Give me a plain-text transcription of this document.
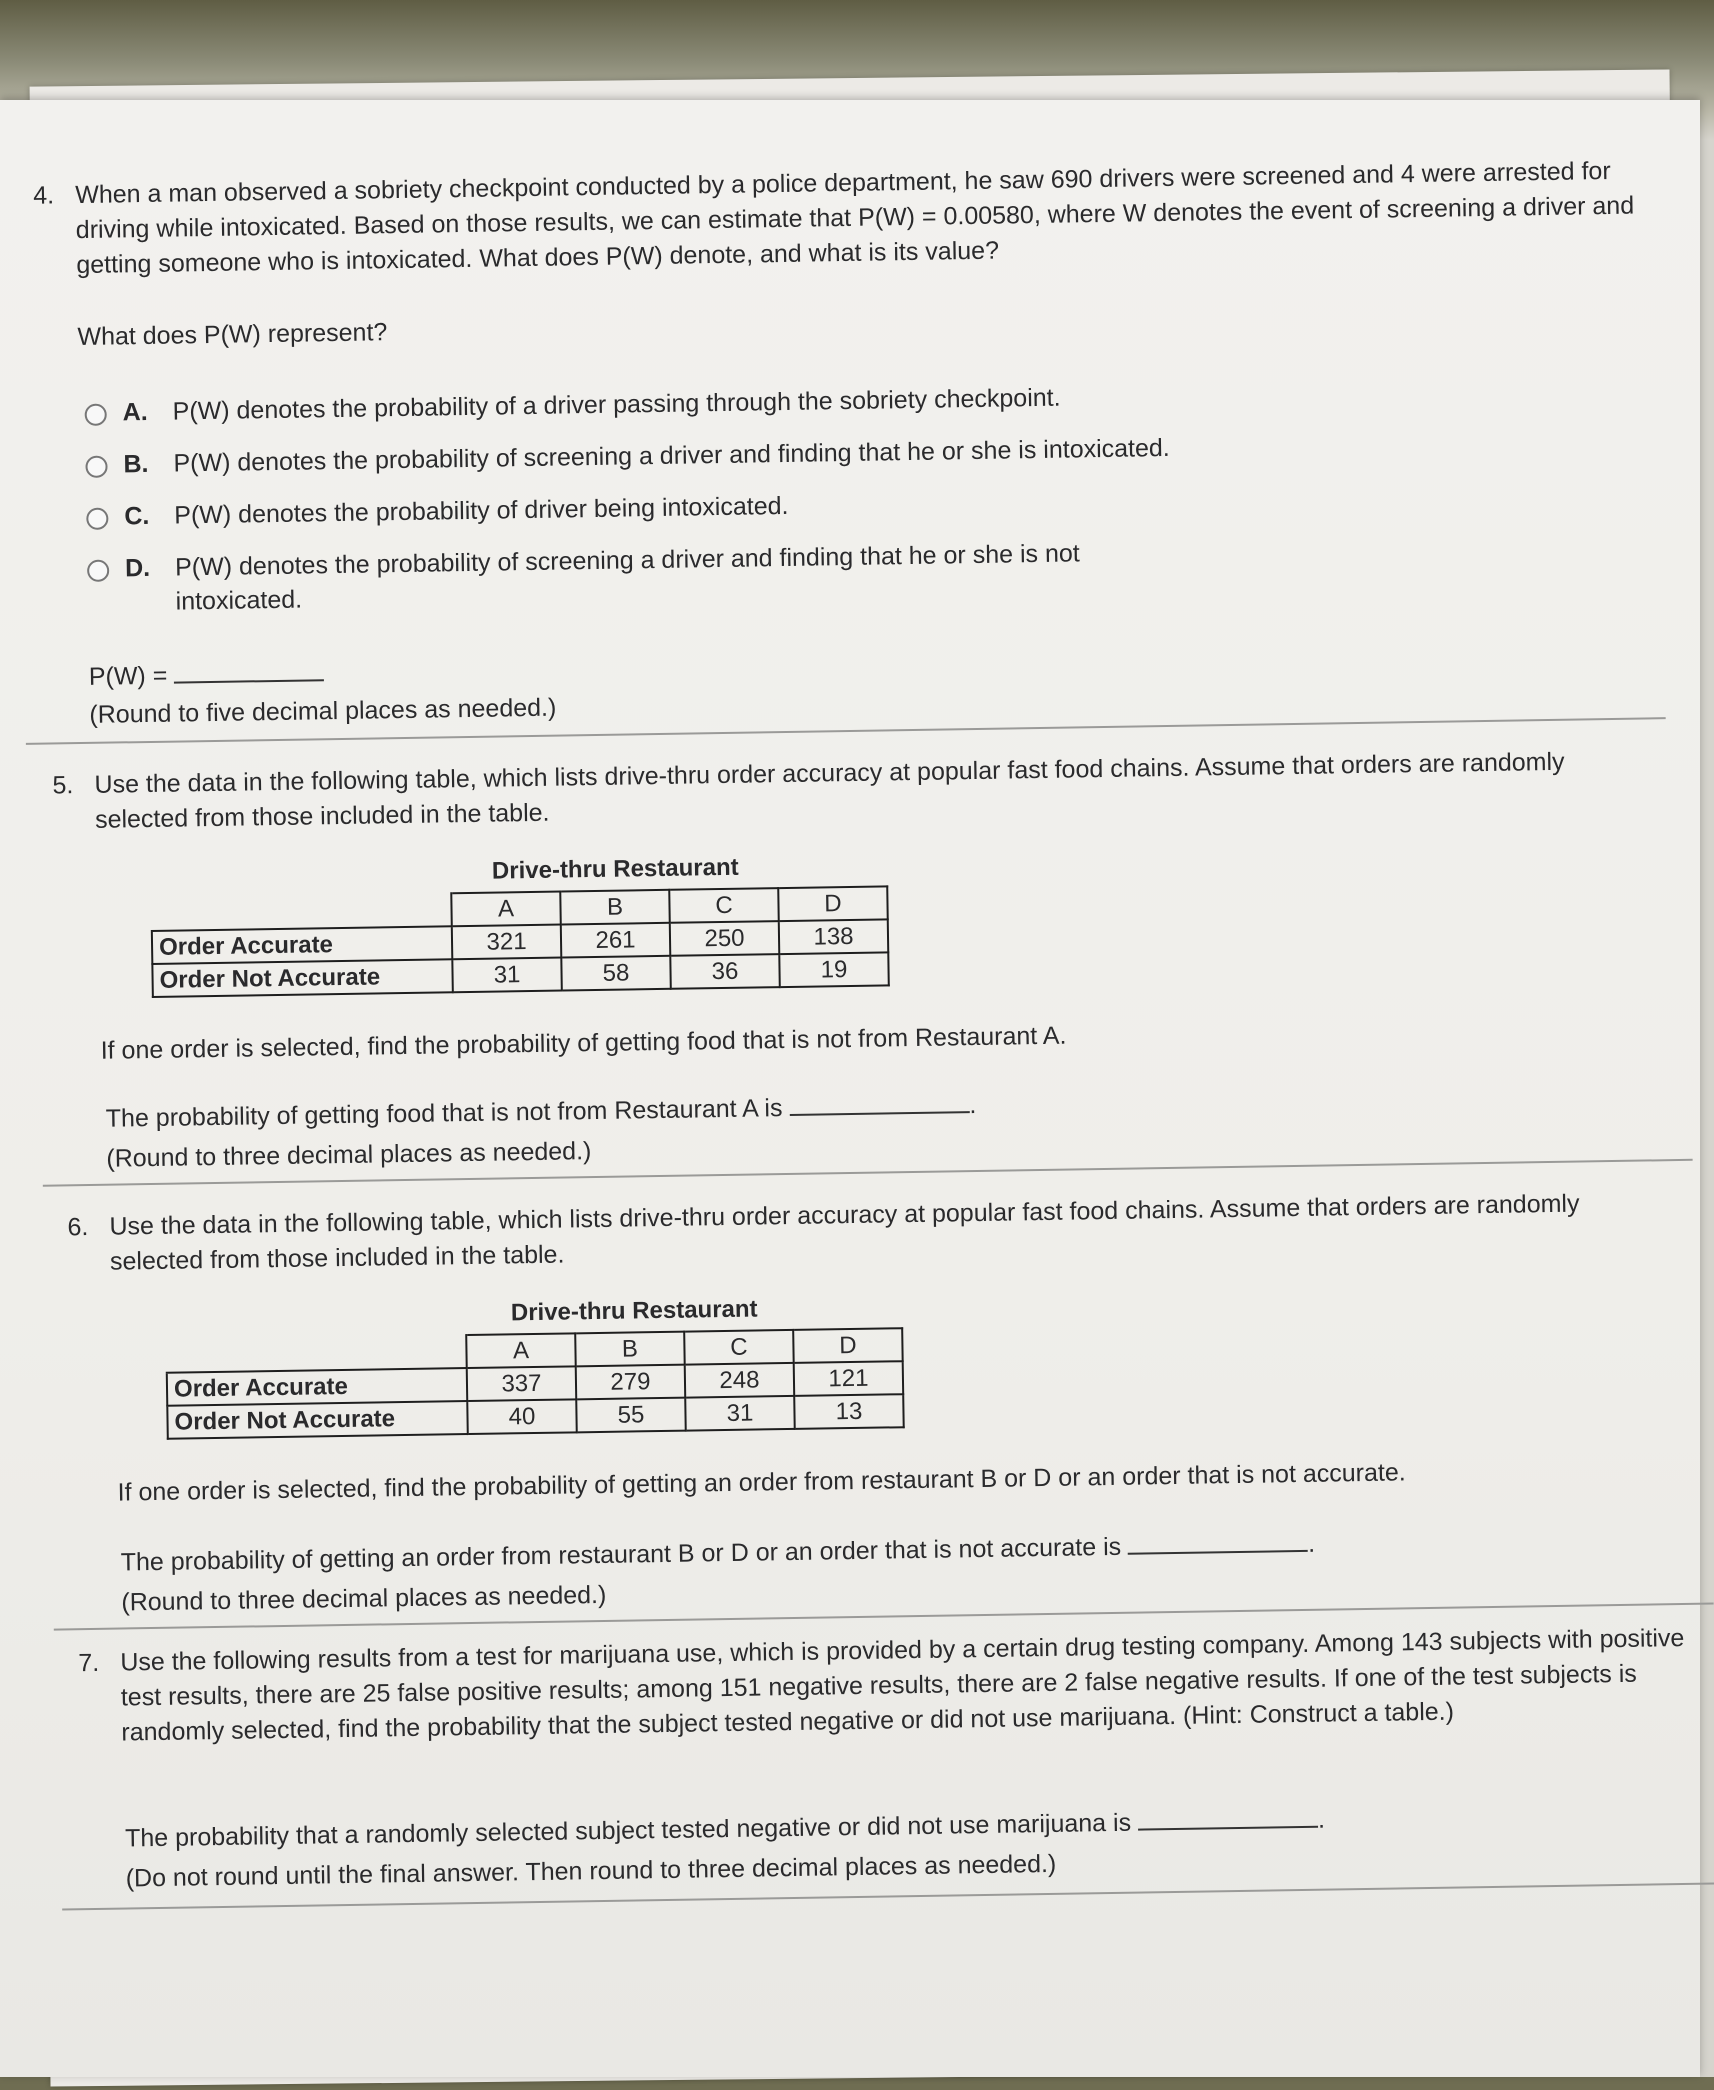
4. When a man observed a sobriety checkpoint conducted by a police department, he saw 690 drivers were screened and 4 were arrested for driving while intoxicated. Based on those results, we can estimate that P(W) = 0.00580, where W denotes the event of screening a driver and getting someone who is intoxicated. What does P(W) denote, and what is its value?
What does P(W) represent?
A. P(W) denotes the probability of a driver passing through the sobriety checkpoint.
B. P(W) denotes the probability of screening a driver and finding that he or she is intoxicated.
C. P(W) denotes the probability of driver being intoxicated.
D. P(W) denotes the probability of screening a driver and finding that he or she is not intoxicated.
P(W) =
(Round to five decimal places as needed.)
5. Use the data in the following table, which lists drive-thru order accuracy at popular fast food chains. Assume that orders are randomly selected from those included in the table.
Drive-thru Restaurant
	A	B	C	D
Order Accurate	321	261	250	138
Order Not Accurate	31	58	36	19
If one order is selected, find the probability of getting food that is not from Restaurant A.
The probability of getting food that is not from Restaurant A is	.
(Round to three decimal places as needed.)
6. Use the data in the following table, which lists drive-thru order accuracy at popular fast food chains. Assume that orders are randomly selected from those included in the table.
Drive-thru Restaurant
	A	B	C	D
Order Accurate	337	279	248	121
Order Not Accurate	40	55	31	13
If one order is selected, find the probability of getting an order from restaurant B or D or an order that is not accurate.
The probability of getting an order from restaurant B or D or an order that is not accurate is	.
(Round to three decimal places as needed.)
7. Use the following results from a test for marijuana use, which is provided by a certain drug testing company. Among 143 subjects with positive test results, there are 25 false positive results; among 151 negative results, there are 2 false negative results. If one of the test subjects is randomly selected, find the probability that the subject tested negative or did not use marijuana. (Hint: Construct a table.)
The probability that a randomly selected subject tested negative or did not use marijuana is	.
(Do not round until the final answer. Then round to three decimal places as needed.)
